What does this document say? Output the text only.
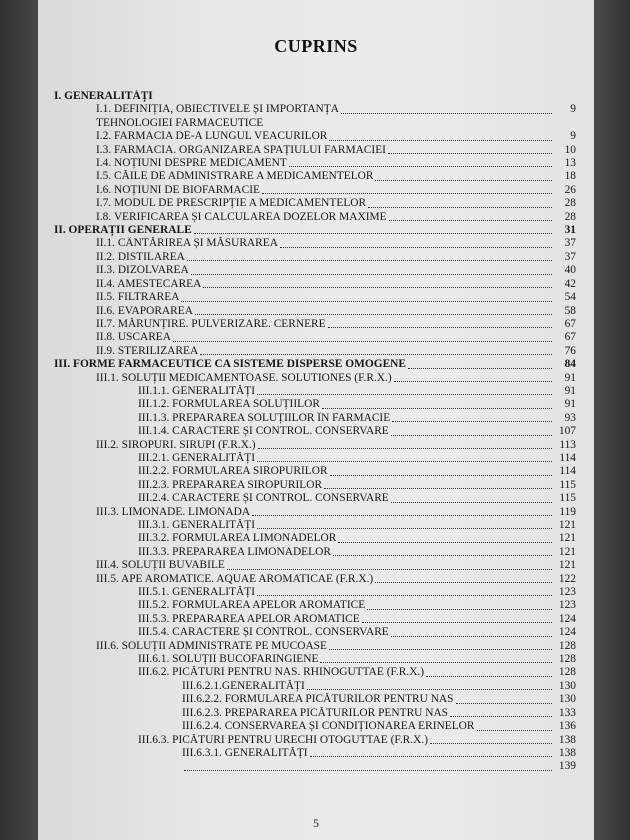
CUPRINS
I. GENERALITĂȚI
I.1. DEFINIȚIA, OBIECTIVELE ȘI IMPORTANȚA	9
TEHNOLOGIEI FARMACEUTICE
I.2. FARMACIA DE-A LUNGUL VEACURILOR	9
I.3. FARMACIA. ORGANIZAREA SPAȚIULUI FARMACIEI	10
I.4. NOȚIUNI DESPRE MEDICAMENT	13
I.5. CĂILE DE ADMINISTRARE A MEDICAMENTELOR	18
I.6. NOȚIUNI DE BIOFARMACIE	26
I.7. MODUL DE PRESCRIPȚIE A MEDICAMENTELOR	28
I.8. VERIFICAREA ȘI CALCULAREA DOZELOR MAXIME	28
II. OPERAȚII GENERALE	31
II.1. CÂNTĂRIREA ȘI MĂSURAREA	37
II.2. DISTILAREA	37
II.3. DIZOLVAREA	40
II.4. AMESTECAREA	42
II.5. FILTRAREA	54
II.6. EVAPORAREA	58
II.7. MĂRUNȚIRE. PULVERIZARE. CERNERE	67
II.8. USCAREA	67
II.9. STERILIZAREA	76
III. FORME FARMACEUTICE CA SISTEME DISPERSE OMOGENE	84
III.1. SOLUȚII MEDICAMENTOASE. SOLUTIONES (F.R.X.)	91
III.1.1. GENERALITĂȚI	91
III.1.2. FORMULAREA SOLUȚIILOR	91
III.1.3. PREPARAREA SOLUȚIILOR ÎN FARMACIE	93
III.1.4. CARACTERE ȘI CONTROL. CONSERVARE	107
III.2. SIROPURI. SIRUPI (F.R.X.)	113
III.2.1. GENERALITĂȚI	114
III.2.2. FORMULAREA SIROPURILOR	114
III.2.3. PREPARAREA SIROPURILOR	115
III.2.4. CARACTERE ȘI CONTROL. CONSERVARE	115
III.3. LIMONADE. LIMONADA	119
III.3.1. GENERALITĂȚI	121
III.3.2. FORMULAREA LIMONADELOR	121
III.3.3. PREPARAREA LIMONADELOR	121
III.4. SOLUȚII BUVABILE	121
III.5. APE AROMATICE. AQUAE AROMATICAE (F.R.X.)	122
III.5.1. GENERALITĂȚI	123
III.5.2. FORMULAREA APELOR AROMATICE	123
III.5.3. PREPARAREA APELOR AROMATICE	124
III.5.4. CARACTERE ȘI CONTROL. CONSERVARE	124
III.6. SOLUȚII ADMINISTRATE PE MUCOASE	128
III.6.1. SOLUȚII BUCOFARINGIENE	128
III.6.2. PICĂTURI PENTRU NAS. RHINOGUTTAE (F.R.X.)	128
III.6.2.1.GENERALITĂȚI	130
III.6.2.2. FORMULAREA PICĂTURILOR PENTRU NAS	130
III.6.2.3. PREPARAREA PICĂTURILOR PENTRU NAS	133
III.6.2.4. CONSERVAREA ȘI CONDIȚIONAREA ERINELOR	136
III.6.3. PICĂTURI PENTRU URECHI OTOGUTTAE (F.R.X.)	138
III.6.3.1. GENERALITĂȚI	138
139
5
